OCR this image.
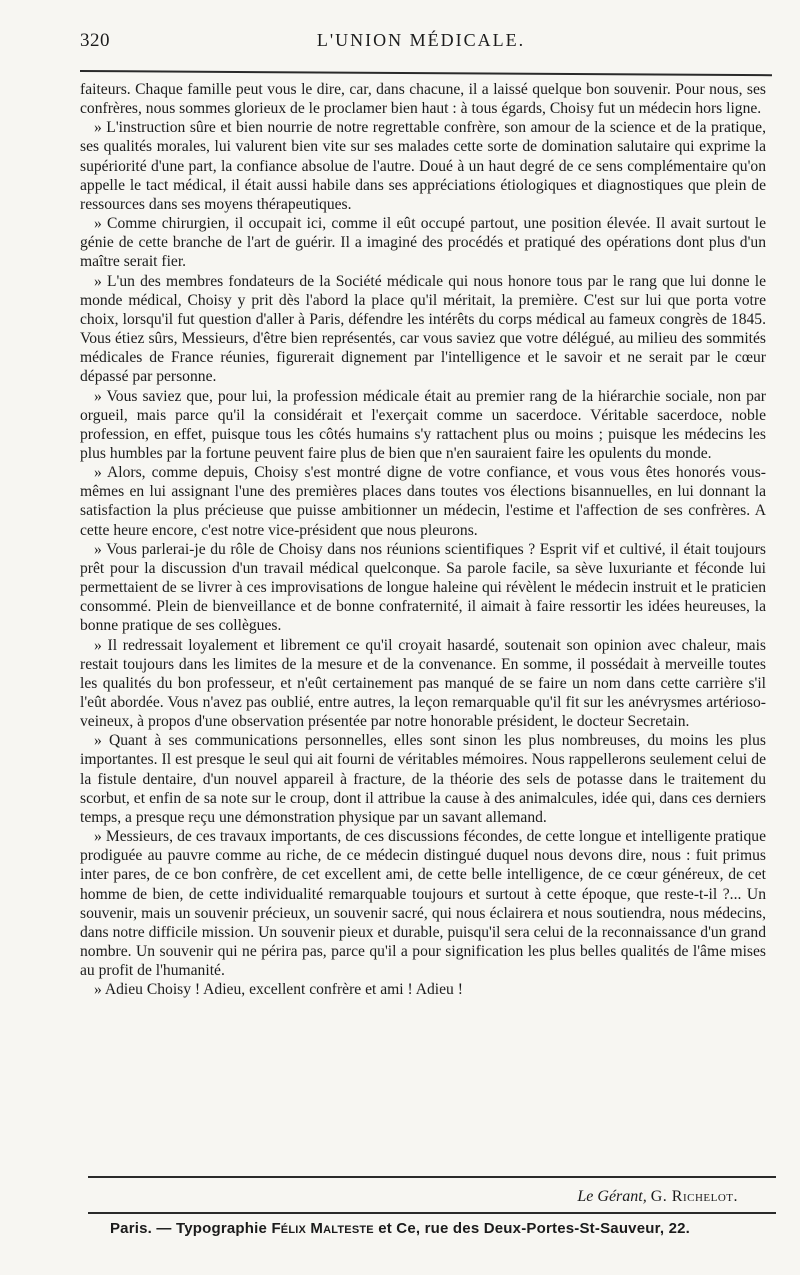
320	L'UNION MÉDICALE.

faiteurs. Chaque famille peut vous le dire, car, dans chacune, il a laissé quelque bon souvenir. Pour nous, ses confrères, nous sommes glorieux de le proclamer bien haut : à tous égards, Choisy fut un médecin hors ligne.

» L'instruction sûre et bien nourrie de notre regrettable confrère, son amour de la science et de la pratique, ses qualités morales, lui valurent bien vite sur ses malades cette sorte de domination salutaire qui exprime la supériorité d'une part, la confiance absolue de l'autre. Doué à un haut degré de ce sens complémentaire qu'on appelle le tact médical, il était aussi habile dans ses appréciations étiologiques et diagnostiques que plein de ressources dans ses moyens thérapeutiques.

» Comme chirurgien, il occupait ici, comme il eût occupé partout, une position élevée. Il avait surtout le génie de cette branche de l'art de guérir. Il a imaginé des procédés et pratiqué des opérations dont plus d'un maître serait fier.

» L'un des membres fondateurs de la Société médicale qui nous honore tous par le rang que lui donne le monde médical, Choisy y prit dès l'abord la place qu'il méritait, la première. C'est sur lui que porta votre choix, lorsqu'il fut question d'aller à Paris, défendre les intérêts du corps médical au fameux congrès de 1845. Vous étiez sûrs, Messieurs, d'être bien représentés, car vous saviez que votre délégué, au milieu des sommités médicales de France réunies, figurerait dignement par l'intelligence et le savoir et ne serait par le cœur dépassé par personne.

» Vous saviez que, pour lui, la profession médicale était au premier rang de la hiérarchie sociale, non par orgueil, mais parce qu'il la considérait et l'exerçait comme un sacerdoce. Véritable sacerdoce, noble profession, en effet, puisque tous les côtés humains s'y rattachent plus ou moins ; puisque les médecins les plus humbles par la fortune peuvent faire plus de bien que n'en sauraient faire les opulents du monde.

» Alors, comme depuis, Choisy s'est montré digne de votre confiance, et vous vous êtes honorés vous-mêmes en lui assignant l'une des premières places dans toutes vos élections bisannuelles, en lui donnant la satisfaction la plus précieuse que puisse ambitionner un médecin, l'estime et l'affection de ses confrères. A cette heure encore, c'est notre vice-président que nous pleurons.

» Vous parlerai-je du rôle de Choisy dans nos réunions scientifiques ? Esprit vif et cultivé, il était toujours prêt pour la discussion d'un travail médical quelconque. Sa parole facile, sa sève luxuriante et féconde lui permettaient de se livrer à ces improvisations de longue haleine qui révèlent le médecin instruit et le praticien consommé. Plein de bienveillance et de bonne confraternité, il aimait à faire ressortir les idées heureuses, la bonne pratique de ses collègues.

» Il redressait loyalement et librement ce qu'il croyait hasardé, soutenait son opinion avec chaleur, mais restait toujours dans les limites de la mesure et de la convenance. En somme, il possédait à merveille toutes les qualités du bon professeur, et n'eût certainement pas manqué de se faire un nom dans cette carrière s'il l'eût abordée. Vous n'avez pas oublié, entre autres, la leçon remarquable qu'il fit sur les anévrysmes artérioso-veineux, à propos d'une observation présentée par notre honorable président, le docteur Secretain.

» Quant à ses communications personnelles, elles sont sinon les plus nombreuses, du moins les plus importantes. Il est presque le seul qui ait fourni de véritables mémoires. Nous rappellerons seulement celui de la fistule dentaire, d'un nouvel appareil à fracture, de la théorie des sels de potasse dans le traitement du scorbut, et enfin de sa note sur le croup, dont il attribue la cause à des animalcules, idée qui, dans ces derniers temps, a presque reçu une démonstration physique par un savant allemand.

» Messieurs, de ces travaux importants, de ces discussions fécondes, de cette longue et intelligente pratique prodiguée au pauvre comme au riche, de ce médecin distingué duquel nous devons dire, nous : fuit primus inter pares, de ce bon confrère, de cet excellent ami, de cette belle intelligence, de ce cœur généreux, de cet homme de bien, de cette individualité remarquable toujours et surtout à cette époque, que reste-t-il ?... Un souvenir, mais un souvenir précieux, un souvenir sacré, qui nous éclairera et nous soutiendra, nous médecins, dans notre difficile mission. Un souvenir pieux et durable, puisqu'il sera celui de la reconnaissance d'un grand nombre. Un souvenir qui ne périra pas, parce qu'il a pour signification les plus belles qualités de l'âme mises au profit de l'humanité.

» Adieu Choisy ! Adieu, excellent confrère et ami ! Adieu !

Le Gérant, G. Richelot.
Paris. — Typographie Félix Malteste et Ce, rue des Deux-Portes-St-Sauveur, 22.
